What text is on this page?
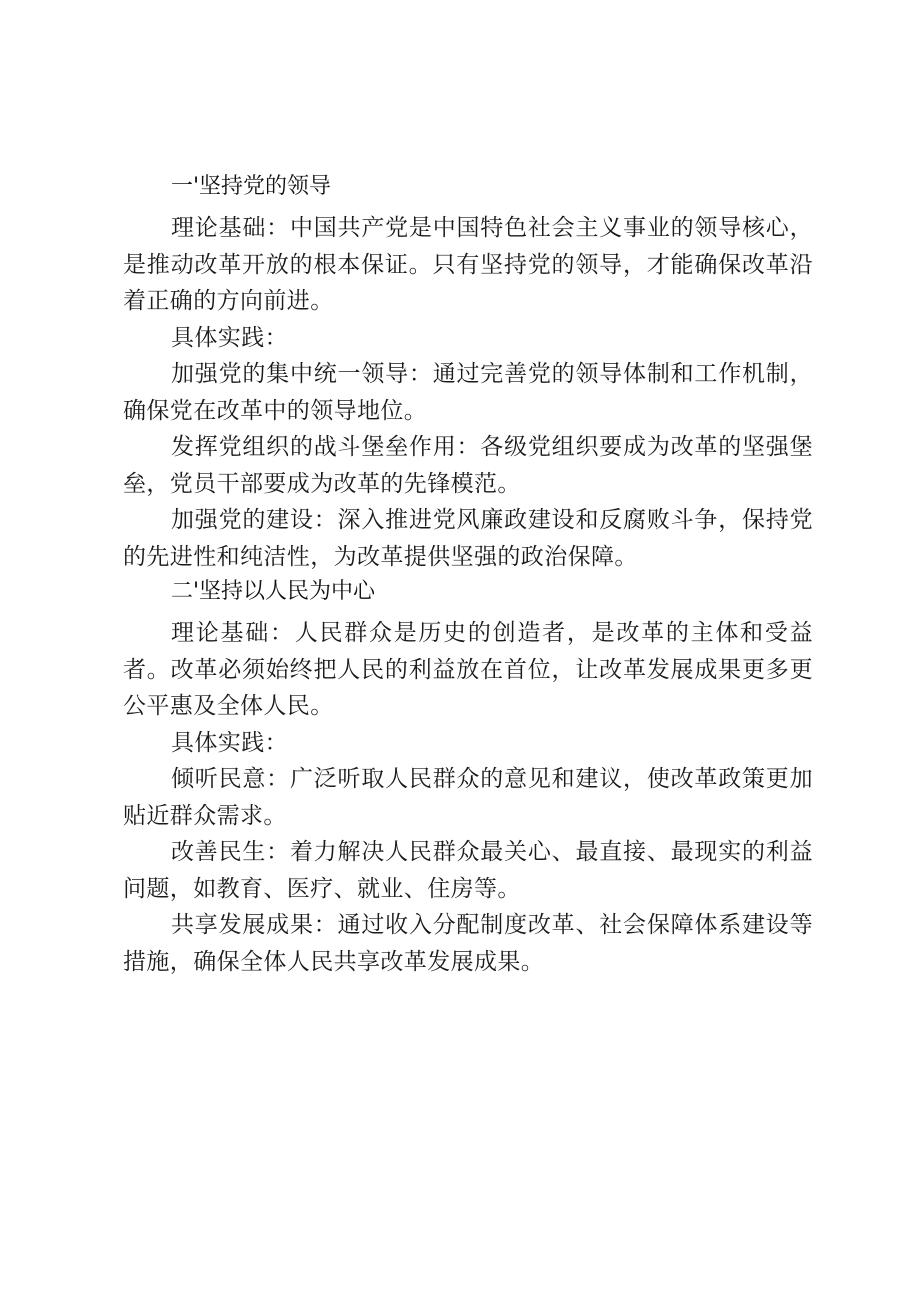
一'坚持党的领导

理论基础：中国共产党是中国特色社会主义事业的领导核心，是推动改革开放的根本保证。只有坚持党的领导，才能确保改革沿着正确的方向前进。

具体实践：

加强党的集中统一领导：通过完善党的领导体制和工作机制，确保党在改革中的领导地位。

发挥党组织的战斗堡垒作用：各级党组织要成为改革的坚强堡垒，党员干部要成为改革的先锋模范。

加强党的建设：深入推进党风廉政建设和反腐败斗争，保持党的先进性和纯洁性，为改革提供坚强的政治保障。

二'坚持以人民为中心

理论基础：人民群众是历史的创造者，是改革的主体和受益者。改革必须始终把人民的利益放在首位，让改革发展成果更多更公平惠及全体人民。

具体实践：

倾听民意：广泛听取人民群众的意见和建议，使改革政策更加贴近群众需求。

改善民生：着力解决人民群众最关心、最直接、最现实的利益问题，如教育、医疗、就业、住房等。

共享发展成果：通过收入分配制度改革、社会保障体系建设等措施，确保全体人民共享改革发展成果。
